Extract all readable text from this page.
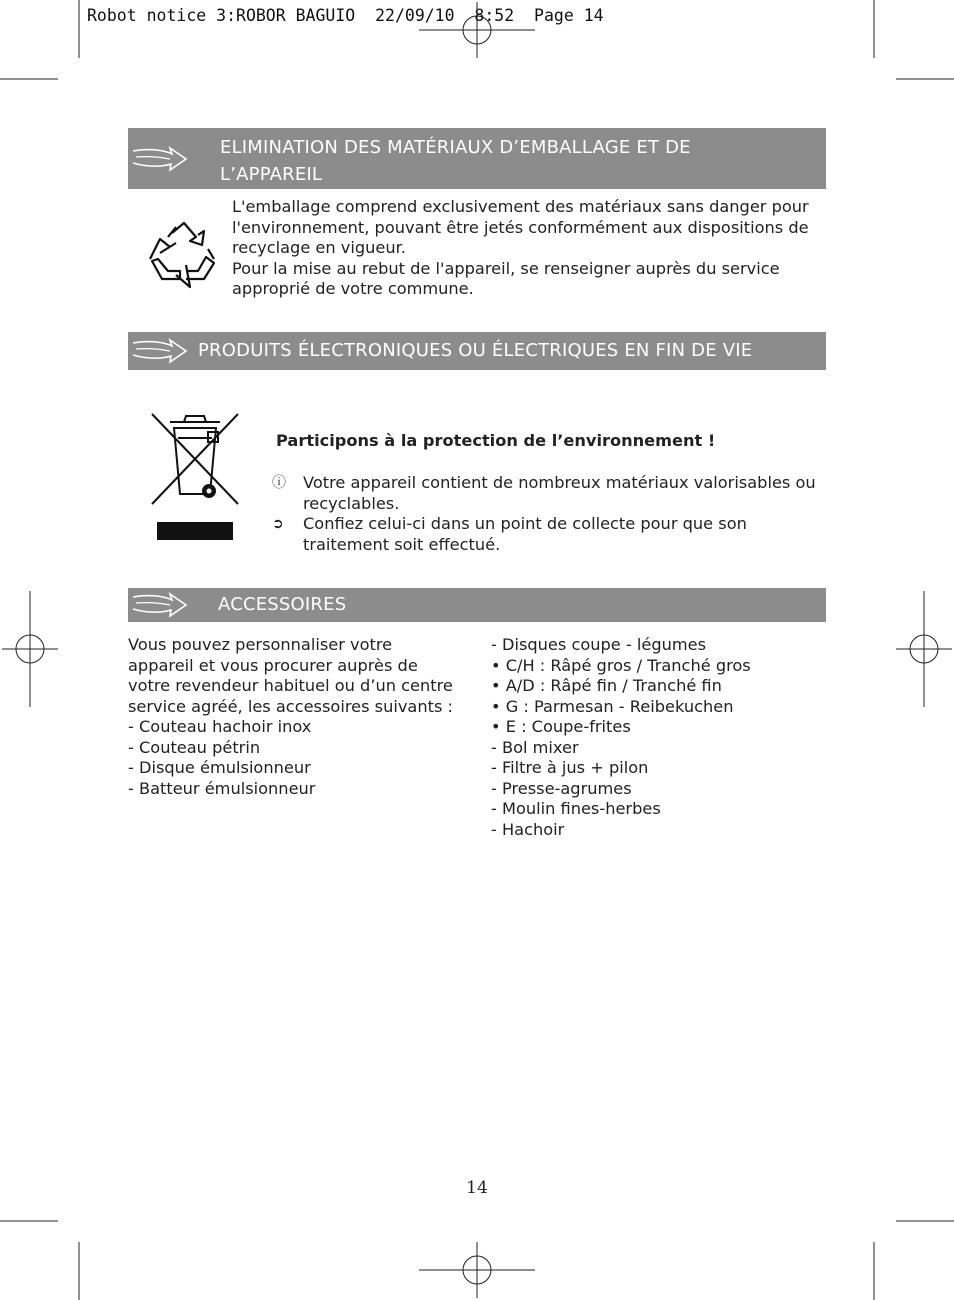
Robot notice 3:ROBOR BAGUIO  22/09/10  8:52  Page 14
ELIMINATION DES MATÉRIAUX D’EMBALLAGE ET DE
L’APPAREIL
L'emballage comprend exclusivement des matériaux sans danger pour
l'environnement, pouvant être jetés conformément aux dispositions de
recyclage en vigueur.
Pour la mise au rebut de l'appareil, se renseigner auprès du service
approprié de votre commune.
PRODUITS ÉLECTRONIQUES OU ÉLECTRIQUES EN FIN DE VIE
Participons à la protection de l’environnement !
ⓘ Votre appareil contient de nombreux matériaux valorisables ou
recyclables.
➲ Confiez celui-ci dans un point de collecte pour que son
traitement soit effectué.
ACCESSOIRES
Vous pouvez personnaliser votre
appareil et vous procurer auprès de
votre revendeur habituel ou d’un centre
service agréé, les accessoires suivants :
- Couteau hachoir inox
- Couteau pétrin
- Disque émulsionneur
- Batteur émulsionneur
- Disques coupe - légumes
• C/H : Râpé gros / Tranché gros
• A/D : Râpé fin / Tranché fin
• G : Parmesan - Reibekuchen
• E : Coupe-frites
- Bol mixer
- Filtre à jus + pilon
- Presse-agrumes
- Moulin fines-herbes
- Hachoir
14
